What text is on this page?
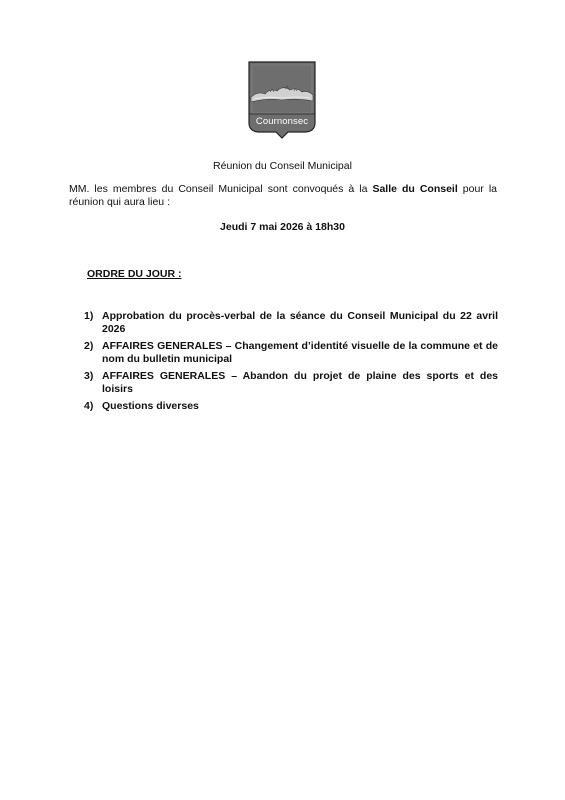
Cournonsec
Réunion du Conseil Municipal
MM. les membres du Conseil Municipal sont convoqués à la Salle du Conseil pour la réunion qui aura lieu :
Jeudi 7 mai 2026 à 18h30
ORDRE DU JOUR :
1) Approbation du procès-verbal de la séance du Conseil Municipal du 22 avril 2026
2) AFFAIRES GENERALES – Changement d’identité visuelle de la commune et de nom du bulletin municipal
3) AFFAIRES GENERALES – Abandon du projet de plaine des sports et des loisirs
4) Questions diverses
